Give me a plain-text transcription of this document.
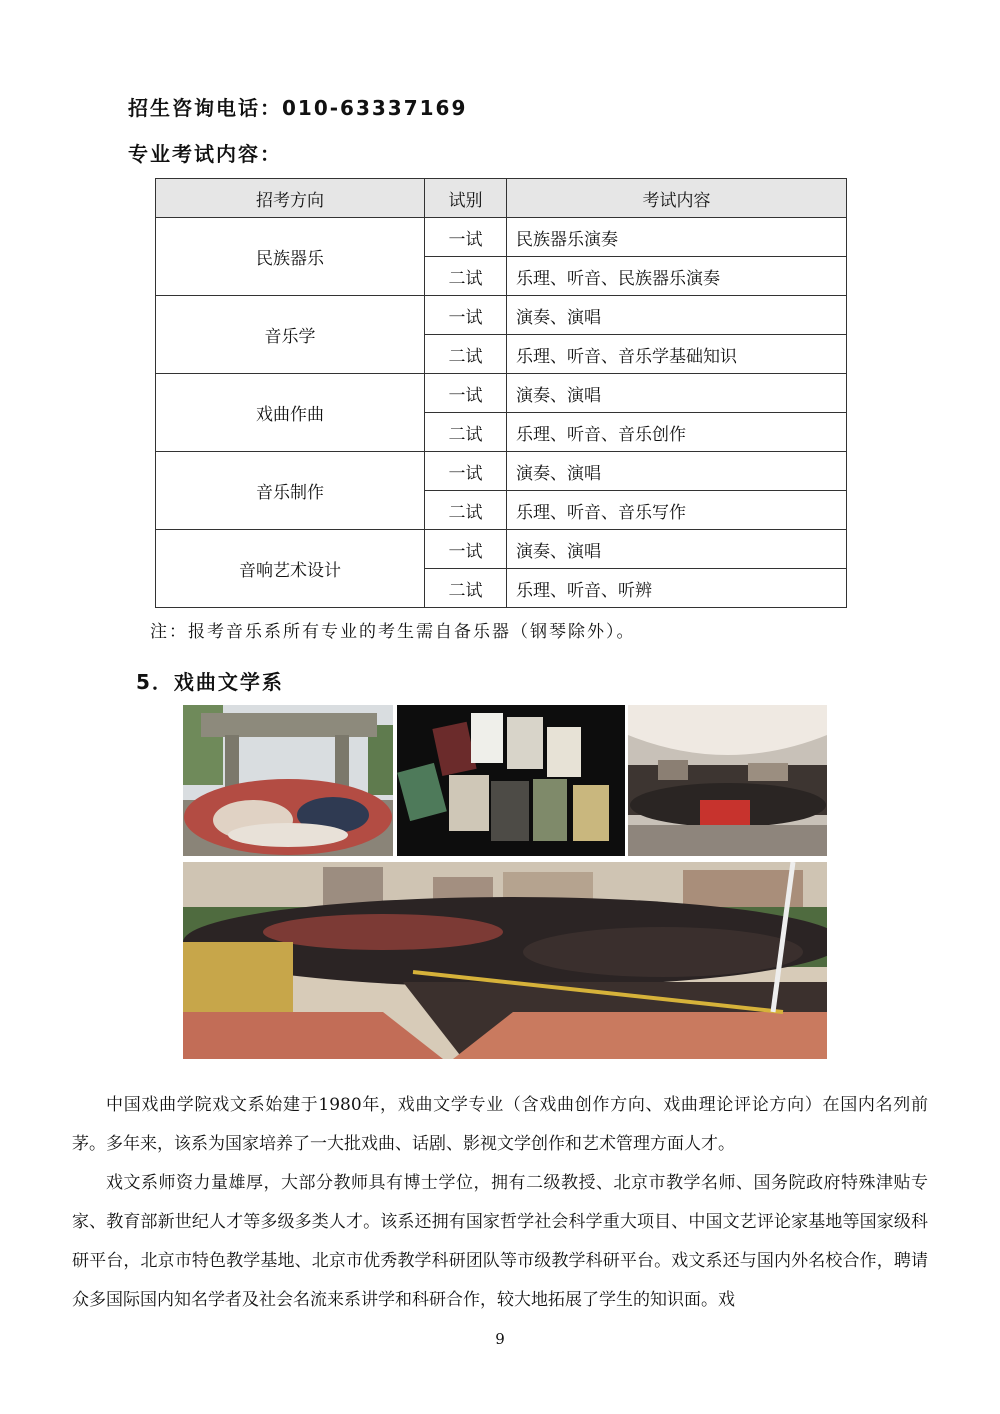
招生咨询电话：010-63337169
专业考试内容：
招考方向	试别	考试内容
民族器乐	一试	民族器乐演奏
	二试	乐理、听音、民族器乐演奏
音乐学	一试	演奏、演唱
	二试	乐理、听音、音乐学基础知识
戏曲作曲	一试	演奏、演唱
	二试	乐理、听音、音乐创作
音乐制作	一试	演奏、演唱
	二试	乐理、听音、音乐写作
音响艺术设计	一试	演奏、演唱
	二试	乐理、听音、听辨
注：报考音乐系所有专业的考生需自备乐器（钢琴除外）。
5．戏曲文学系

中国戏曲学院戏文系始建于1980年，戏曲文学专业（含戏曲创作方向、戏曲理论评论方向）在国内名列前茅。多年来，该系为国家培养了一大批戏曲、话剧、影视文学创作和艺术管理方面人才。

戏文系师资力量雄厚，大部分教师具有博士学位，拥有二级教授、北京市教学名师、国务院政府特殊津贴专家、教育部新世纪人才等多级多类人才。该系还拥有国家哲学社会科学重大项目、中国文艺评论家基地等国家级科研平台，北京市特色教学基地、北京市优秀教学科研团队等市级教学科研平台。戏文系还与国内外名校合作，聘请众多国际国内知名学者及社会名流来系讲学和科研合作，较大地拓展了学生的知识面。戏

9
